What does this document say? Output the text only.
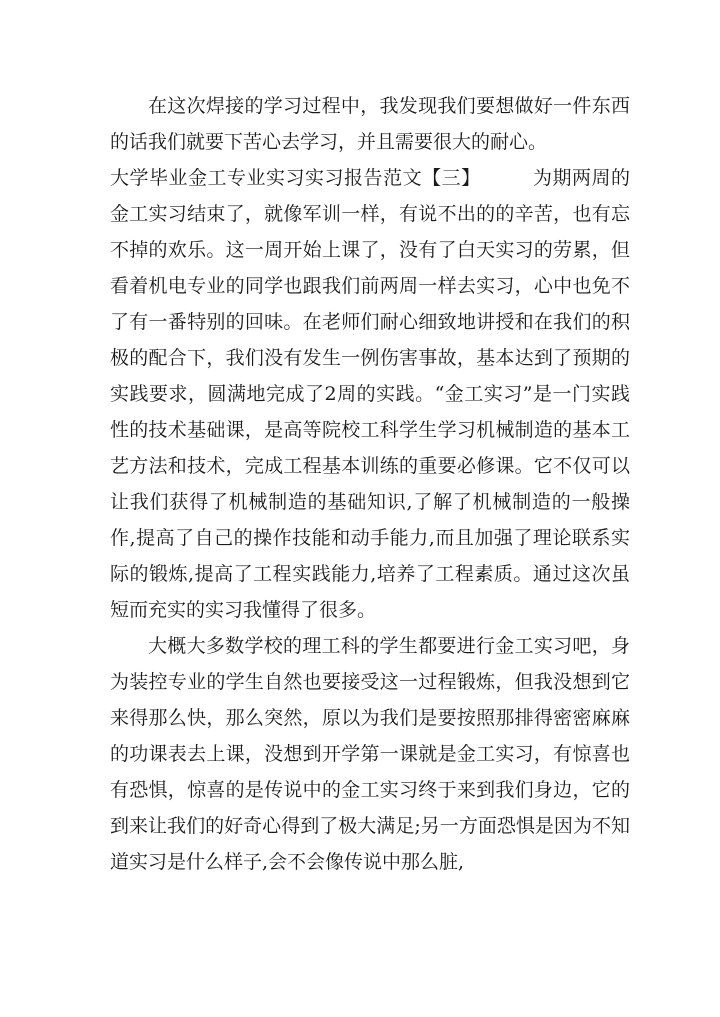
在这次焊接的学习过程中，我发现我们要想做好一件东西的话我们就要下苦心去学习，并且需要很大的耐心。

大学毕业金工专业实习实习报告范文【三】	为期两周的金工实习结束了，就像军训一样，有说不出的的辛苦，也有忘不掉的欢乐。这一周开始上课了，没有了白天实习的劳累，但看着机电专业的同学也跟我们前两周一样去实习，心中也免不了有一番特别的回味。在老师们耐心细致地讲授和在我们的积极的配合下，我们没有发生一例伤害事故，基本达到了预期的实践要求，圆满地完成了2周的实践。“金工实习”是一门实践性的技术基础课，是高等院校工科学生学习机械制造的基本工艺方法和技术，完成工程基本训练的重要必修课。它不仅可以让我们获得了机械制造的基础知识,了解了机械制造的一般操作,提高了自己的操作技能和动手能力,而且加强了理论联系实际的锻炼,提高了工程实践能力,培养了工程素质。通过这次虽短而充实的实习我懂得了很多。

大概大多数学校的理工科的学生都要进行金工实习吧，身为装控专业的学生自然也要接受这一过程锻炼，但我没想到它来得那么快，那么突然，原以为我们是要按照那排得密密麻麻的功课表去上课，没想到开学第一课就是金工实习，有惊喜也有恐惧，惊喜的是传说中的金工实习终于来到我们身边，它的到来让我们的好奇心得到了极大满足;另一方面恐惧是因为不知道实习是什么样子,会不会像传说中那么脏,
